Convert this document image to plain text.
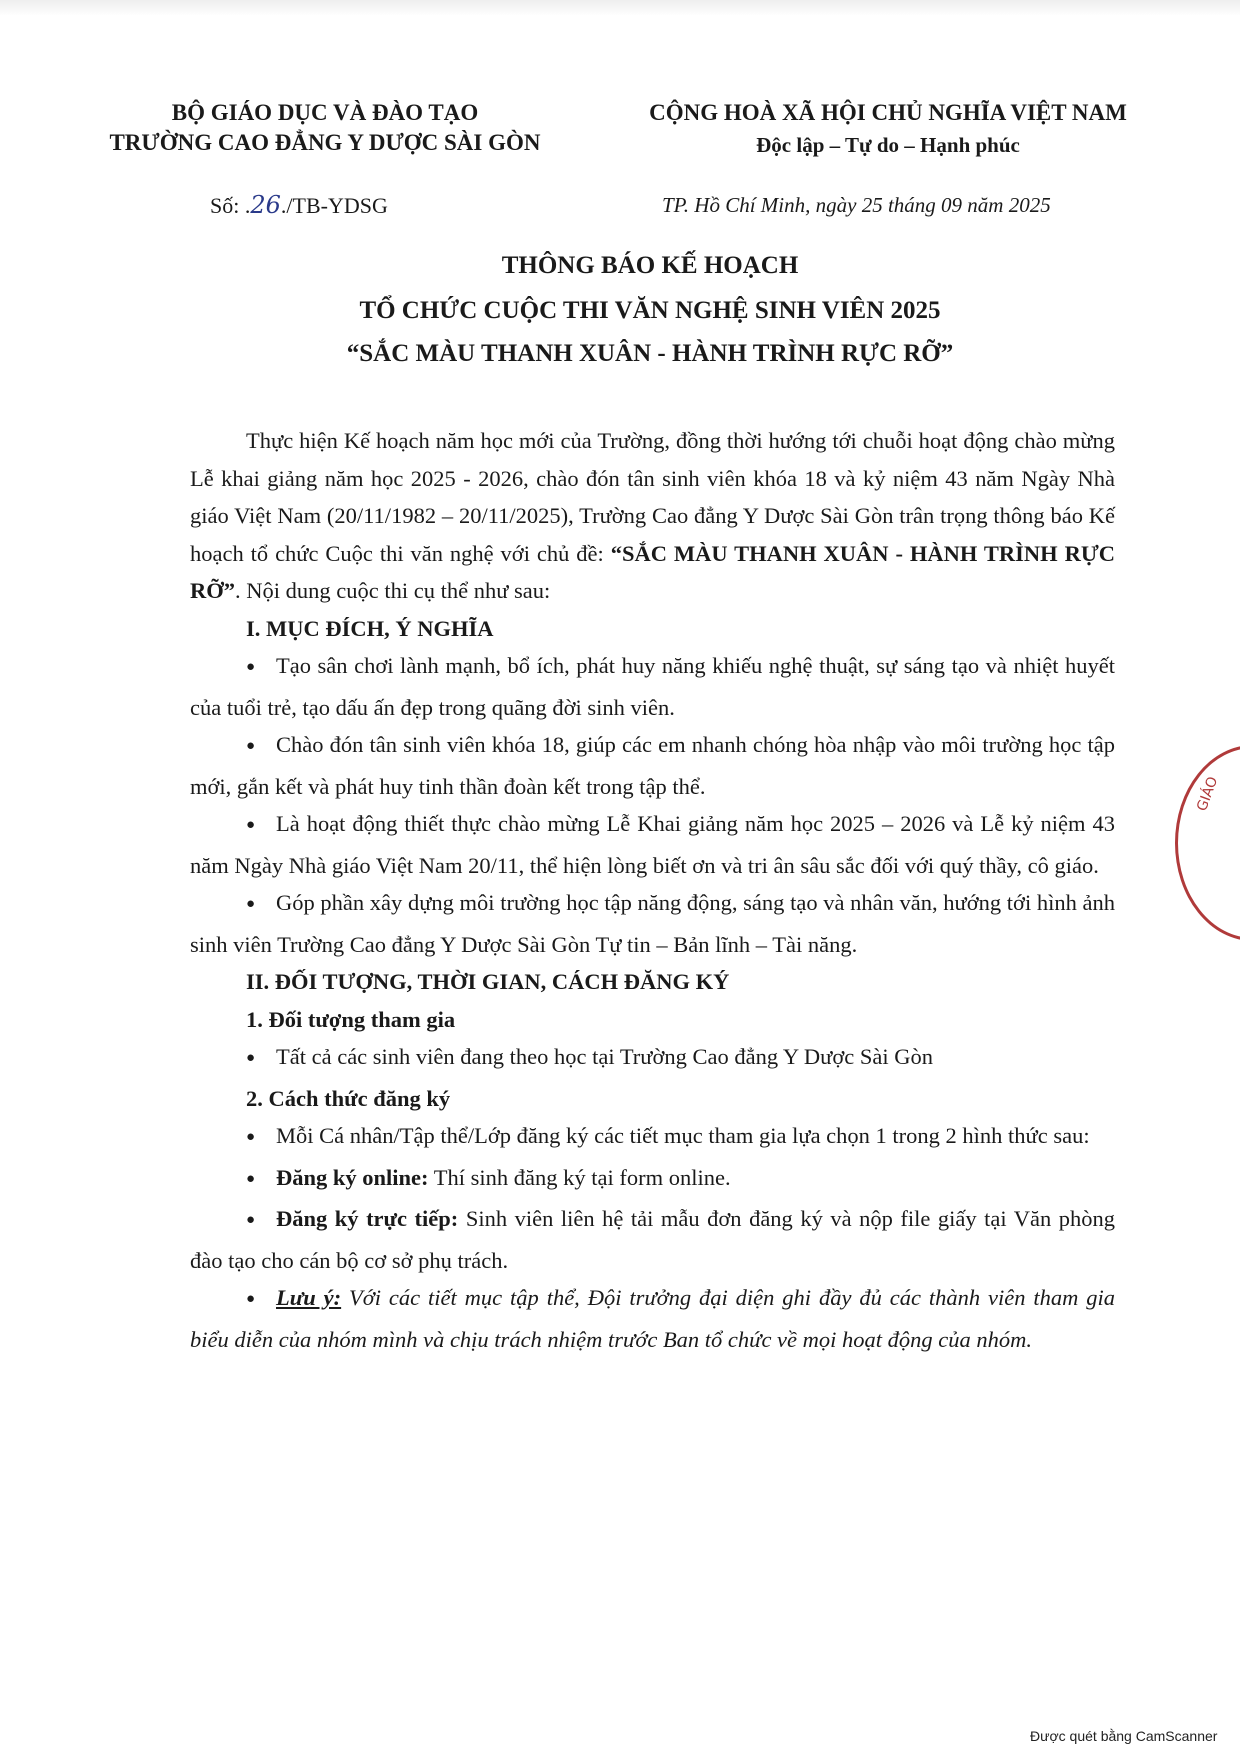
BỘ GIÁO DỤC VÀ ĐÀO TẠO
TRƯỜNG CAO ĐẲNG Y DƯỢC SÀI GÒN
Số: .26./TB-YDSG
CỘNG HOÀ XÃ HỘI CHỦ NGHĨA VIỆT NAM
Độc lập – Tự do – Hạnh phúc
TP. Hồ Chí Minh, ngày 25 tháng 09 năm 2025
THÔNG BÁO KẾ HOẠCH
TỔ CHỨC CUỘC THI VĂN NGHỆ SINH VIÊN 2025
“SẮC MÀU THANH XUÂN - HÀNH TRÌNH RỰC RỠ”

Thực hiện Kế hoạch năm học mới của Trường, đồng thời hướng tới chuỗi hoạt động chào mừng Lễ khai giảng năm học 2025 - 2026, chào đón tân sinh viên khóa 18 và kỷ niệm 43 năm Ngày Nhà giáo Việt Nam (20/11/1982 – 20/11/2025), Trường Cao đẳng Y Dược Sài Gòn trân trọng thông báo Kế hoạch tổ chức Cuộc thi văn nghệ với chủ đề: “SẮC MÀU THANH XUÂN - HÀNH TRÌNH RỰC RỠ”. Nội dung cuộc thi cụ thể như sau:

I. MỤC ĐÍCH, Ý NGHĨA

●Tạo sân chơi lành mạnh, bổ ích, phát huy năng khiếu nghệ thuật, sự sáng tạo và nhiệt huyết của tuổi trẻ, tạo dấu ấn đẹp trong quãng đời sinh viên.

●Chào đón tân sinh viên khóa 18, giúp các em nhanh chóng hòa nhập vào môi trường học tập mới, gắn kết và phát huy tinh thần đoàn kết trong tập thể.

●Là hoạt động thiết thực chào mừng Lễ Khai giảng năm học 2025 – 2026 và Lễ kỷ niệm 43 năm Ngày Nhà giáo Việt Nam 20/11, thể hiện lòng biết ơn và tri ân sâu sắc đối với quý thầy, cô giáo.

●Góp phần xây dựng môi trường học tập năng động, sáng tạo và nhân văn, hướng tới hình ảnh sinh viên Trường Cao đẳng Y Dược Sài Gòn Tự tin – Bản lĩnh – Tài năng.

II. ĐỐI TƯỢNG, THỜI GIAN, CÁCH ĐĂNG KÝ

1. Đối tượng tham gia

●Tất cả các sinh viên đang theo học tại Trường Cao đẳng Y Dược Sài Gòn

2. Cách thức đăng ký

●Mỗi Cá nhân/Tập thể/Lớp đăng ký các tiết mục tham gia lựa chọn 1 trong 2 hình thức sau:

●Đăng ký online: Thí sinh đăng ký tại form online.

●Đăng ký trực tiếp: Sinh viên liên hệ tải mẫu đơn đăng ký và nộp file giấy tại Văn phòng đào tạo cho cán bộ cơ sở phụ trách.

●Lưu ý: Với các tiết mục tập thể, Đội trưởng đại diện ghi đầy đủ các thành viên tham gia biểu diễn của nhóm mình và chịu trách nhiệm trước Ban tổ chức về mọi hoạt động của nhóm.

GIÁO
Được quét bằng CamScanner
